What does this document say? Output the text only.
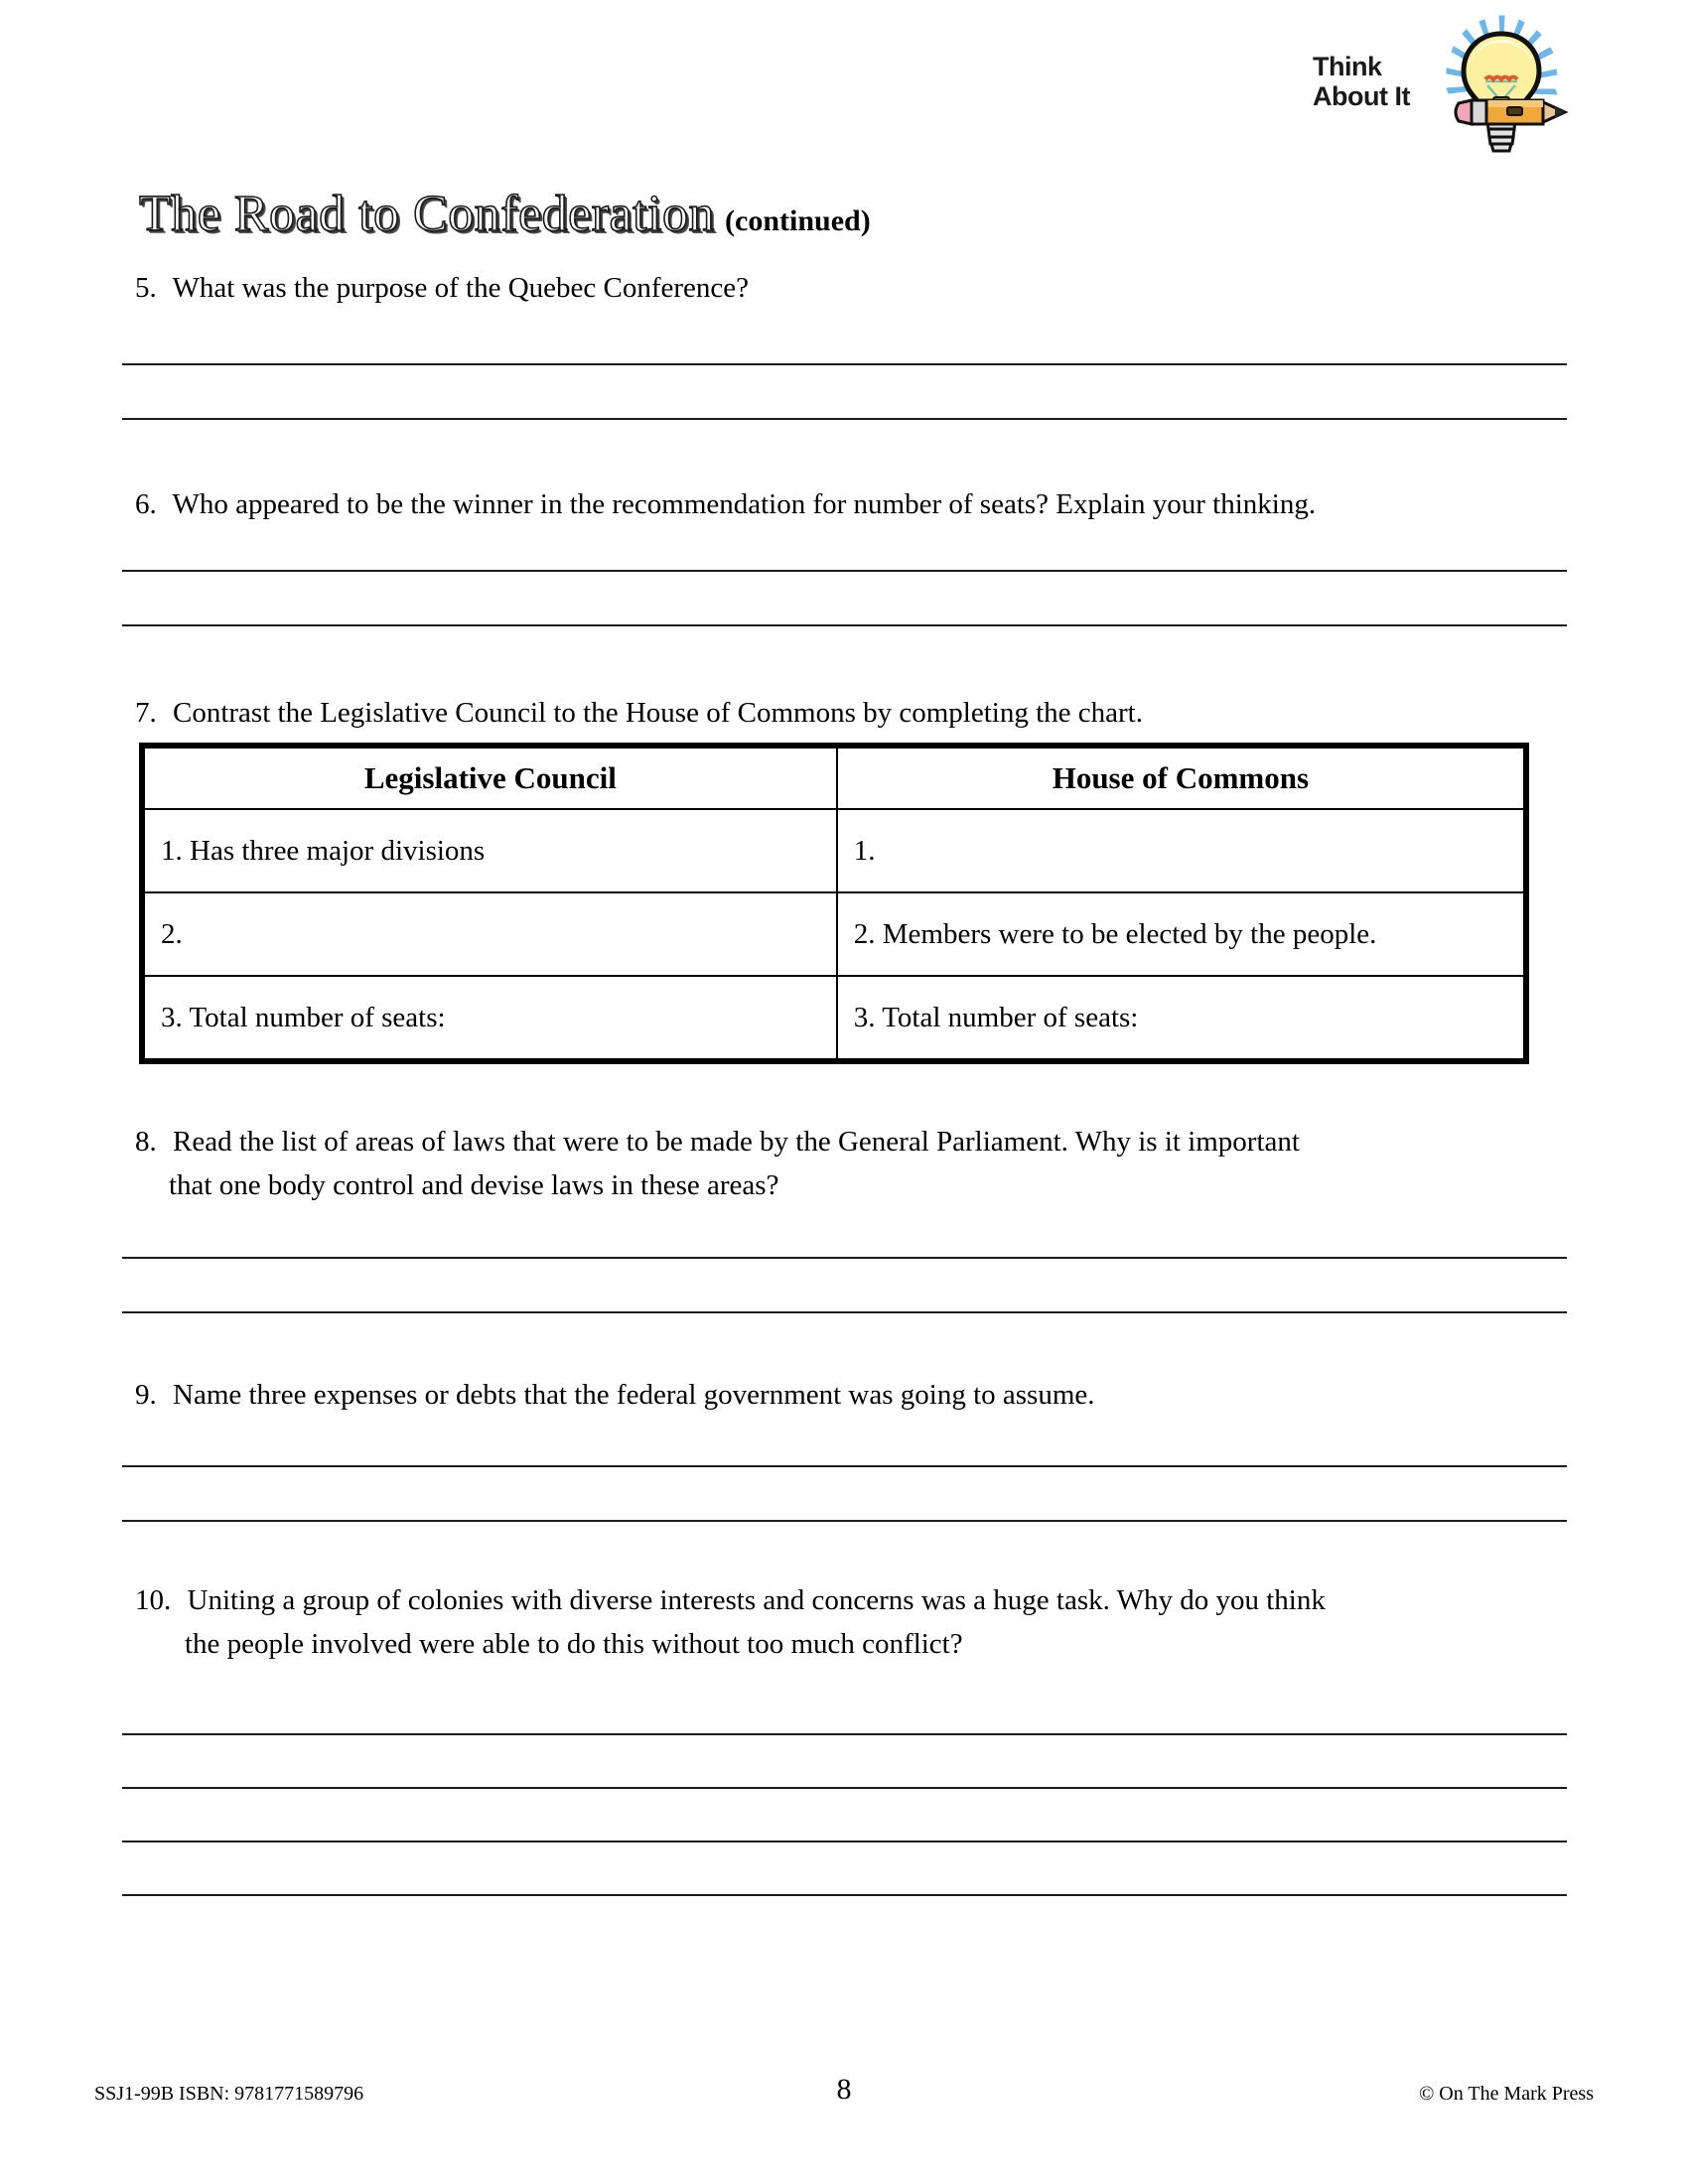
Think
About It
The Road to Confederation (continued)
5. What was the purpose of the Quebec Conference?
6. Who appeared to be the winner in the recommendation for number of seats? Explain your thinking.
7. Contrast the Legislative Council to the House of Commons by completing the chart.
Legislative Council	House of Commons
1. Has three major divisions	1.
2.	2. Members were to be elected by the people.
3. Total number of seats:	3. Total number of seats:
8. Read the list of areas of laws that were to be made by the General Parliament. Why is it important
that one body control and devise laws in these areas?
9. Name three expenses or debts that the federal government was going to assume.
10. Uniting a group of colonies with diverse interests and concerns was a huge task. Why do you think
the people involved were able to do this without too much conflict?
SSJ1-99B ISBN: 9781771589796	8	© On The Mark Press
